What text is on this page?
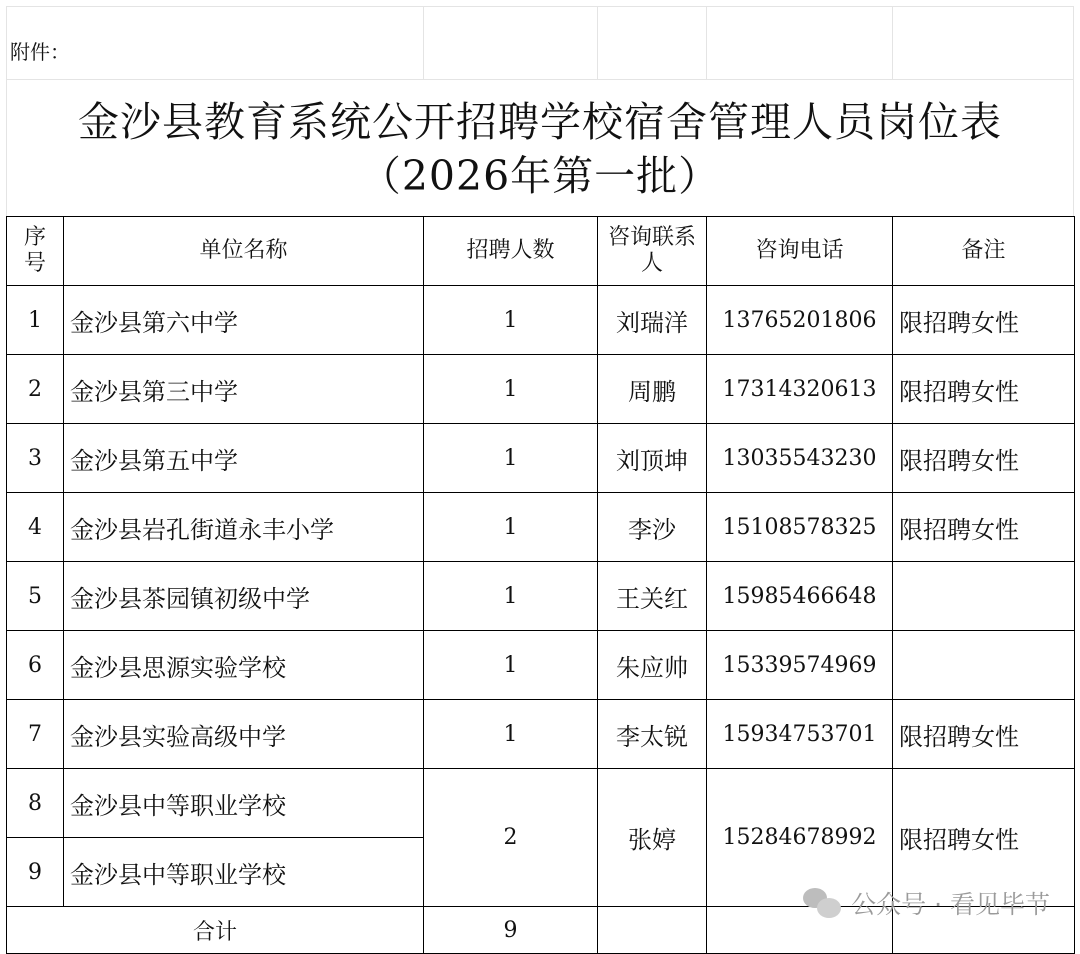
附件：
金沙县教育系统公开招聘学校宿舍管理人员岗位表
（2026年第一批）
序号	单位名称	招聘人数	咨询联系人	咨询电话	备注
1	金沙县第六中学	1	刘瑞洋	13765201806	限招聘女性
2	金沙县第三中学	1	周鹏	17314320613	限招聘女性
3	金沙县第五中学	1	刘顶坤	13035543230	限招聘女性
4	金沙县岩孔街道永丰小学	1	李沙	15108578325	限招聘女性
5	金沙县茶园镇初级中学	1	王关红	15985466648	
6	金沙县思源实验学校	1	朱应帅	15339574969	
7	金沙县实验高级中学	1	李太锐	15934753701	限招聘女性
8	金沙县中等职业学校	2	张婷	15284678992	限招聘女性
9	金沙县中等职业学校				
合计		9			
公众号 · 看见毕节
